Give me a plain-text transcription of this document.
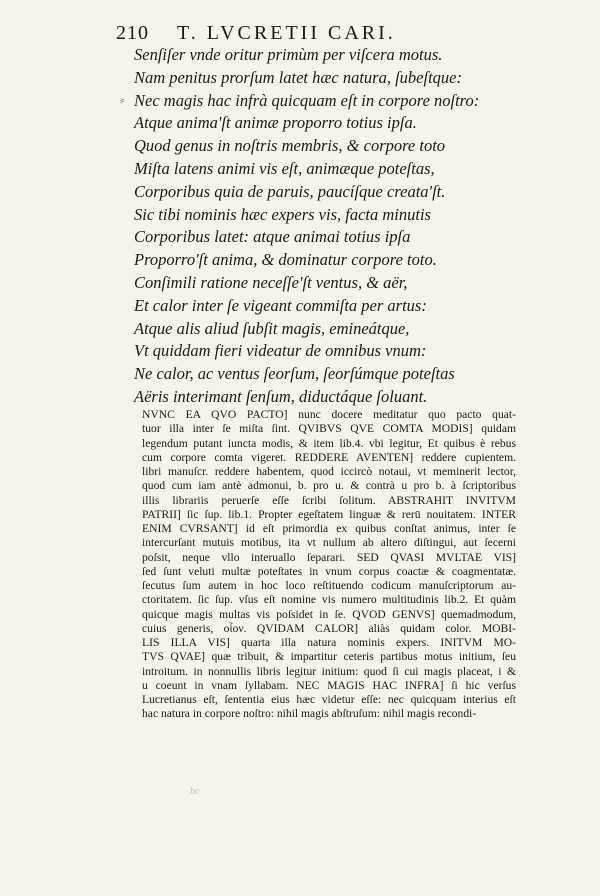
210 T. LVCRETII CARI.
⸗
Senſiſer vnde oritur primùm per viſcera motus.
Nam penitus prorſum latet hæc natura, ſubeſtque:
Nec magis hac infrà quicquam eſt in corpore noſtro:
Atque anima'ſt animæ proporro totius ipſa.
Quod genus in noſtris membris, & corpore toto
Miſta latens animi vis eſt, animæque poteſtas,
Corporibus quia de paruis, paucíſque creata'ſt.
Sic tibi nominis hæc expers vis, facta minutis
Corporibus latet: atque animai totius ipſa
Proporro'ſt anima, & dominatur corpore toto.
Conſimili ratione neceſſe'ſt ventus, & aër,
Et calor inter ſe vigeant commiſta per artus:
Atque alis aliud ſubſit magis, emineátque,
Vt quiddam fieri videatur de omnibus vnum:
Ne calor, ac ventus ſeorſum, ſeorſúmque poteſtas
Aëris interimant ſenſum, diductáque ſoluant.
NVNC EA QVO PACTO] nunc docere meditatur quo pacto quat-
tuor illa inter ſe miſta ſint. QVIBVS QVE COMTA MODIS] quidam
legendum putant iuncta modis, & item lib.4. vbi legitur, Et quibus è rebus
cum corpore comta vigeret. REDDERE AVENTEN] reddere cupientem.
libri manuſcr. reddere habentem, quod iccircò notaui, vt meminerit lector,
quod cum iam antè admonui, b. pro u. & contrà u pro b. à ſcriptoribus
illis librariis peruerſe eſſe ſcribi ſolitum. ABSTRAHIT INVITVM
PATRII] ſic ſup. lib.1. Propter egeſtatem linguæ & rerū nouitatem. INTER
ENIM CVRSANT] id eſt primordia ex quibus conſtat animus, inter ſe
intercurſant mutuis motibus, ita vt nullum ab altero diſtingui, aut ſecerni
poſsit, neque vllo interuallo ſeparari. SED QVASI MVLTAE VIS]
ſed ſunt veluti multæ poteſtates in vnum corpus coactæ & coagmentatæ.
ſecutus ſum autem in hoc loco reſtituendo codicum manuſcriptorum au-
ctoritatem. ſic ſup. vſus eſt nomine vis numero multitudinis lib.2. Et quàm
quicque magis multas vis poſsidet in ſe. QVOD GENVS] quemadmodum,
cuius generis, οἷον. QVIDAM CALOR] aliàs quidam color. MOBI-
LIS ILLA VIS] quarta illa natura nominis expers. INITVM MO-
TVS QVAE] quæ tribuit, & impartitur ceteris partibus motus initium, ſeu
introitum. in nonnullis libris legitur initium: quod ſi cui magis placeat, i &
u coeunt in vnam ſyllabam. NEC MAGIS HAC INFRA] ſi hic verſus
Lucretianus eſt, ſententia eius hæc videtur eſſe: nec quicquam interius eſt
hac natura in corpore noſtro: nihil magis abſtruſum: nihil magis recondi-
bc
